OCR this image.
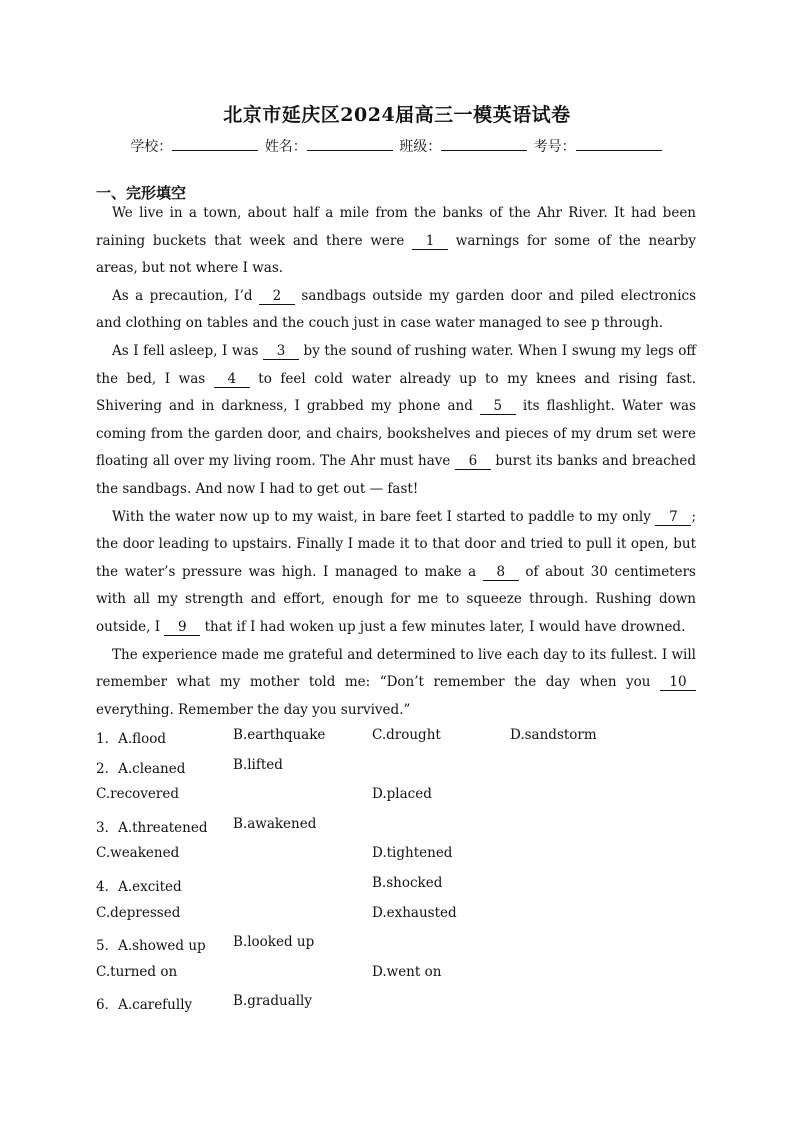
北京市延庆区2024届高三一模英语试卷
学校：	姓名：	班级：	考号：
一、完形填空

We live in a town, about half a mile from the banks of the Ahr River. It had been raining buckets that week and there were 1 warnings for some of the nearby areas, but not where I was.

As a precaution, I’d 2 sandbags outside my garden door and piled electronics and clothing on tables and the couch just in case water managed to see p through.

As I fell asleep, I was 3 by the sound of rushing water. When I swung my legs off the bed, I was 4 to feel cold water already up to my knees and rising fast. Shivering and in darkness, I grabbed my phone and 5 its flashlight. Water was coming from the garden door, and chairs, bookshelves and pieces of my drum set were floating all over my living room. The Ahr must have 6 burst its banks and breached the sandbags. And now I had to get out — fast!

With the water now up to my waist, in bare feet I started to paddle to my only 7 ; the door leading to upstairs. Finally I made it to that door and tried to pull it open, but the water’s pressure was high. I managed to make a 8 of about 30 centimeters with all my strength and effort, enough for me to squeeze through. Rushing down outside, I 9 that if I had woken up just a few minutes later, I would have drowned.

The experience made me grateful and determined to live each day to its fullest. I will remember what my mother told me: “Don’t remember the day when you 10 everything. Remember the day you survived.”

1．A.flood	B.earthquake	C.drought	D.sandstorm
2．A.cleaned	B.lifted
C.recovered	D.placed
3．A.threatened B.awakened
C.weakened	D.tightened
4．A.excited	B.shocked
C.depressed	D.exhausted
5．A.showed up B.looked up
C.turned on	D.went on
6．A.carefully	B.gradually
